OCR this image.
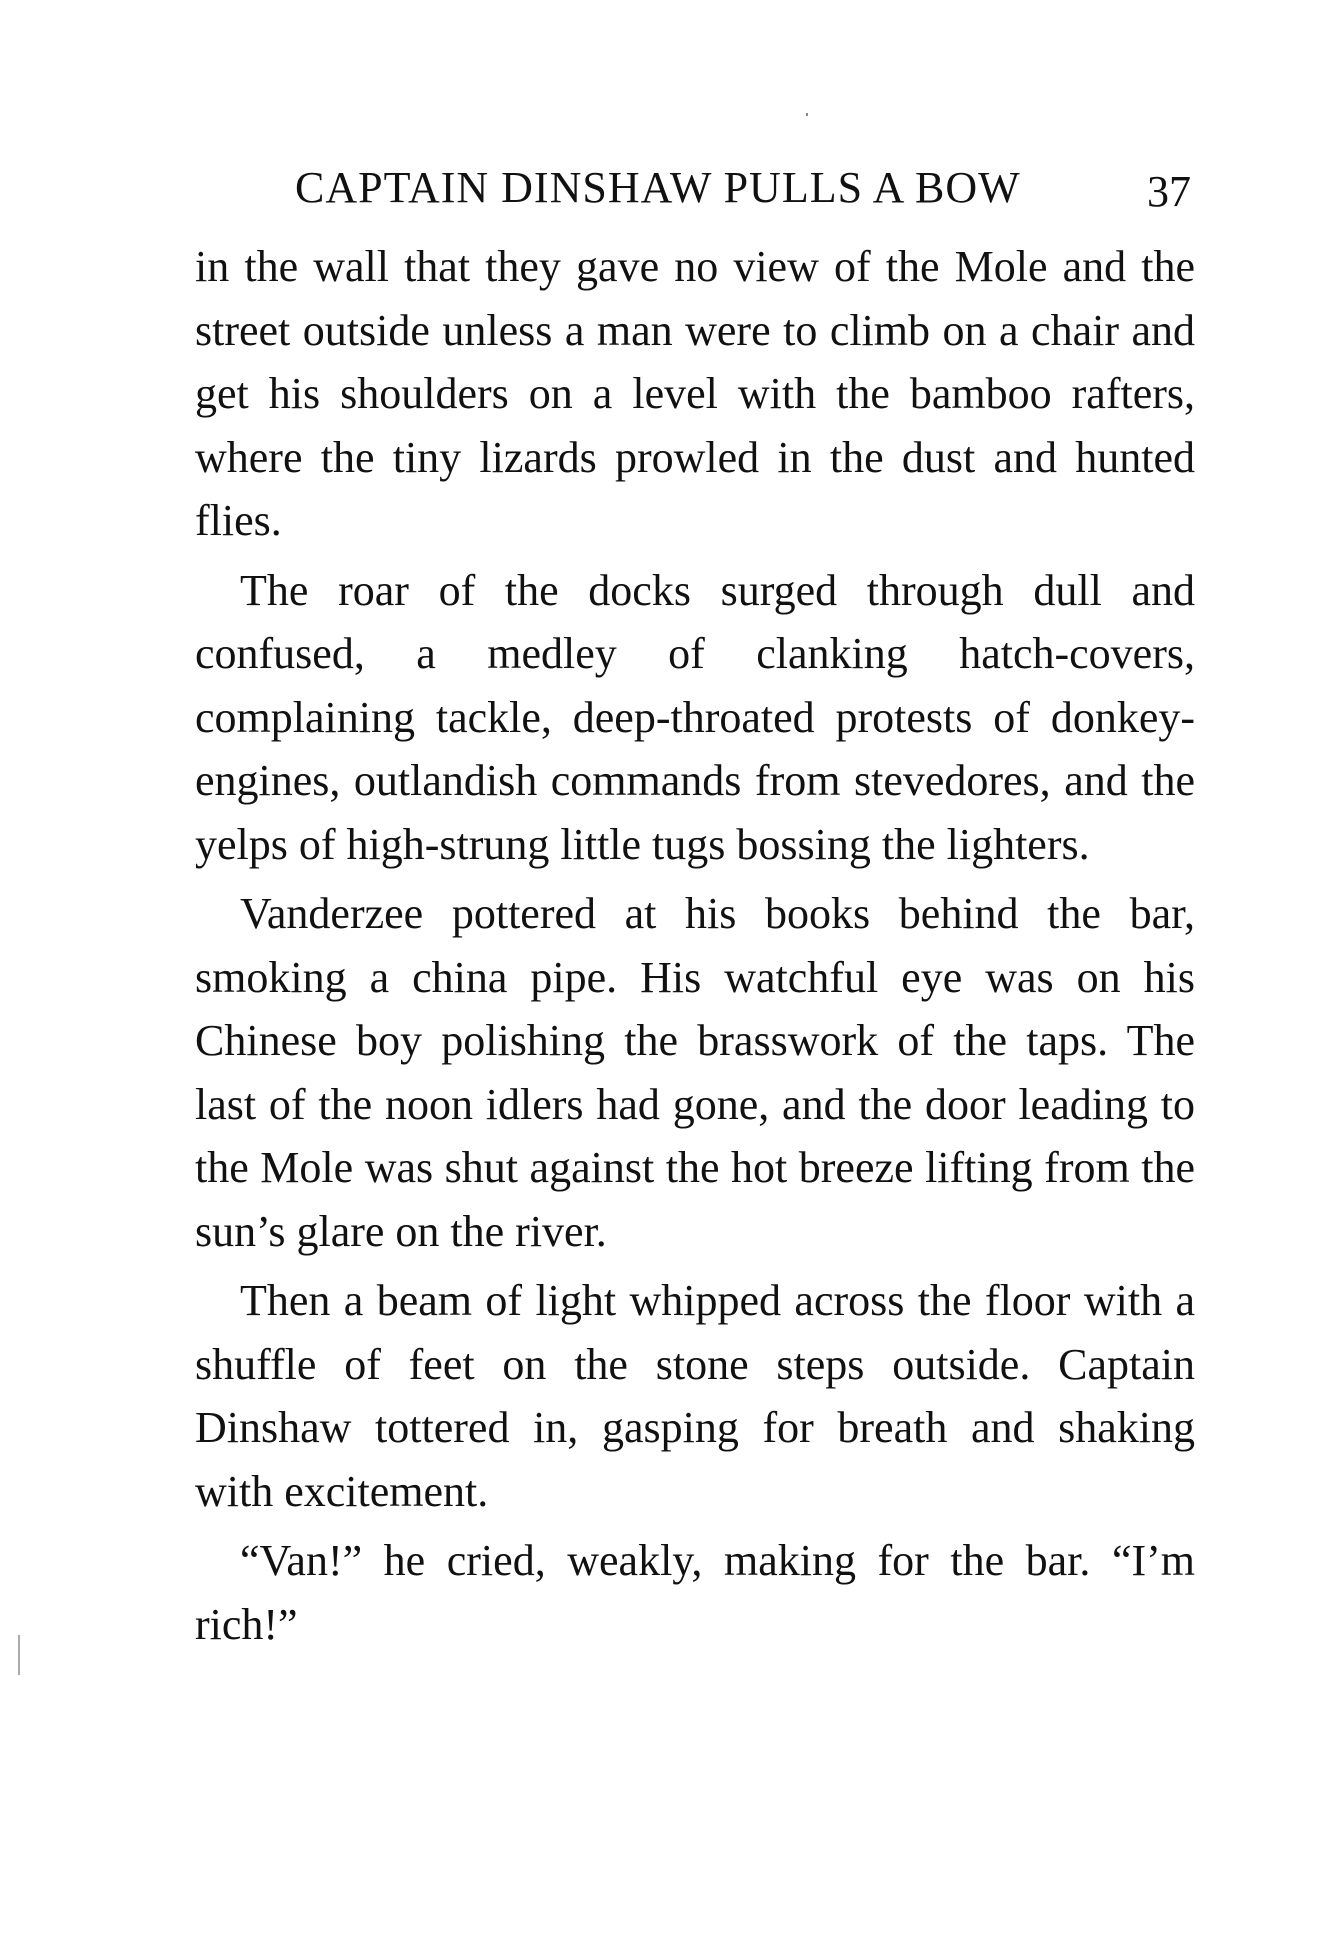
CAPTAIN DINSHAW PULLS A BOW	37

in the wall that they gave no view of the Mole and the street outside unless a man were to climb on a chair and get his shoulders on a level with the bamboo rafters, where the tiny lizards prowled in the dust and hunted flies.

The roar of the docks surged through dull and confused, a medley of clanking hatch-covers, complaining tackle, deep-throated protests of donkey-engines, outlandish commands from stevedores, and the yelps of high-strung little tugs bossing the lighters.

Vanderzee pottered at his books behind the bar, smoking a china pipe. His watchful eye was on his Chinese boy polishing the brasswork of the taps. The last of the noon idlers had gone, and the door leading to the Mole was shut against the hot breeze lifting from the sun’s glare on the river.

Then a beam of light whipped across the floor with a shuffle of feet on the stone steps outside. Captain Dinshaw tottered in, gasping for breath and shaking with excitement.

“Van!” he cried, weakly, making for the bar. “I’m rich!”
